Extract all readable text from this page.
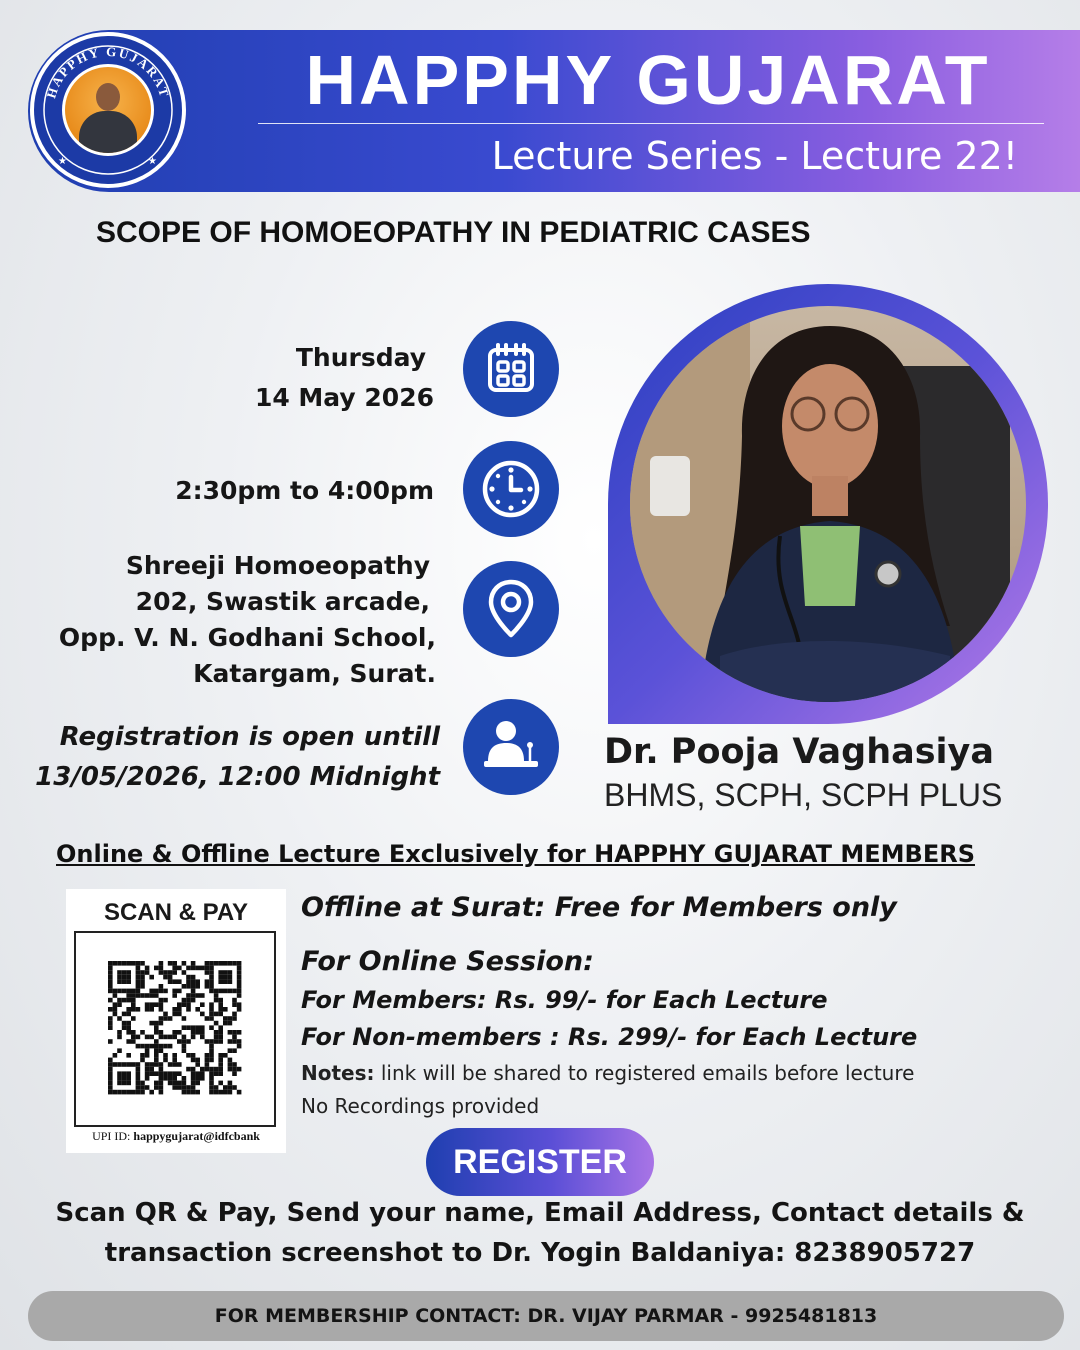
HAPPHY GUJARAT
★	★
HAPPHY GUJARAT
Lecture Series - Lecture 22!
SCOPE OF HOMOEOPATHY IN PEDIATRIC CASES
Thursday
14 May 2026
2:30pm to 4:00pm
Shreeji Homoeopathy
202, Swastik arcade,
Opp. V. N. Godhani School,
Katargam, Surat.
Registration is open untill
13/05/2026, 12:00 Midnight
Dr. Pooja Vaghasiya
BHMS, SCPH, SCPH PLUS
Online & Offline Lecture Exclusively for HAPPHY GUJARAT MEMBERS
SCAN & PAY
UPI ID: happygujarat@idfcbank
Offline at Surat: Free for Members only
For Online Session:
For Members: Rs. 99/- for Each Lecture
For Non-members : Rs. 299/- for Each Lecture
Notes: link will be shared to registered emails before lecture
No Recordings provided
REGISTER
Scan QR & Pay, Send your name, Email Address, Contact details &
transaction screenshot to Dr. Yogin Baldaniya: 8238905727
FOR MEMBERSHIP CONTACT: DR. VIJAY PARMAR - 9925481813
